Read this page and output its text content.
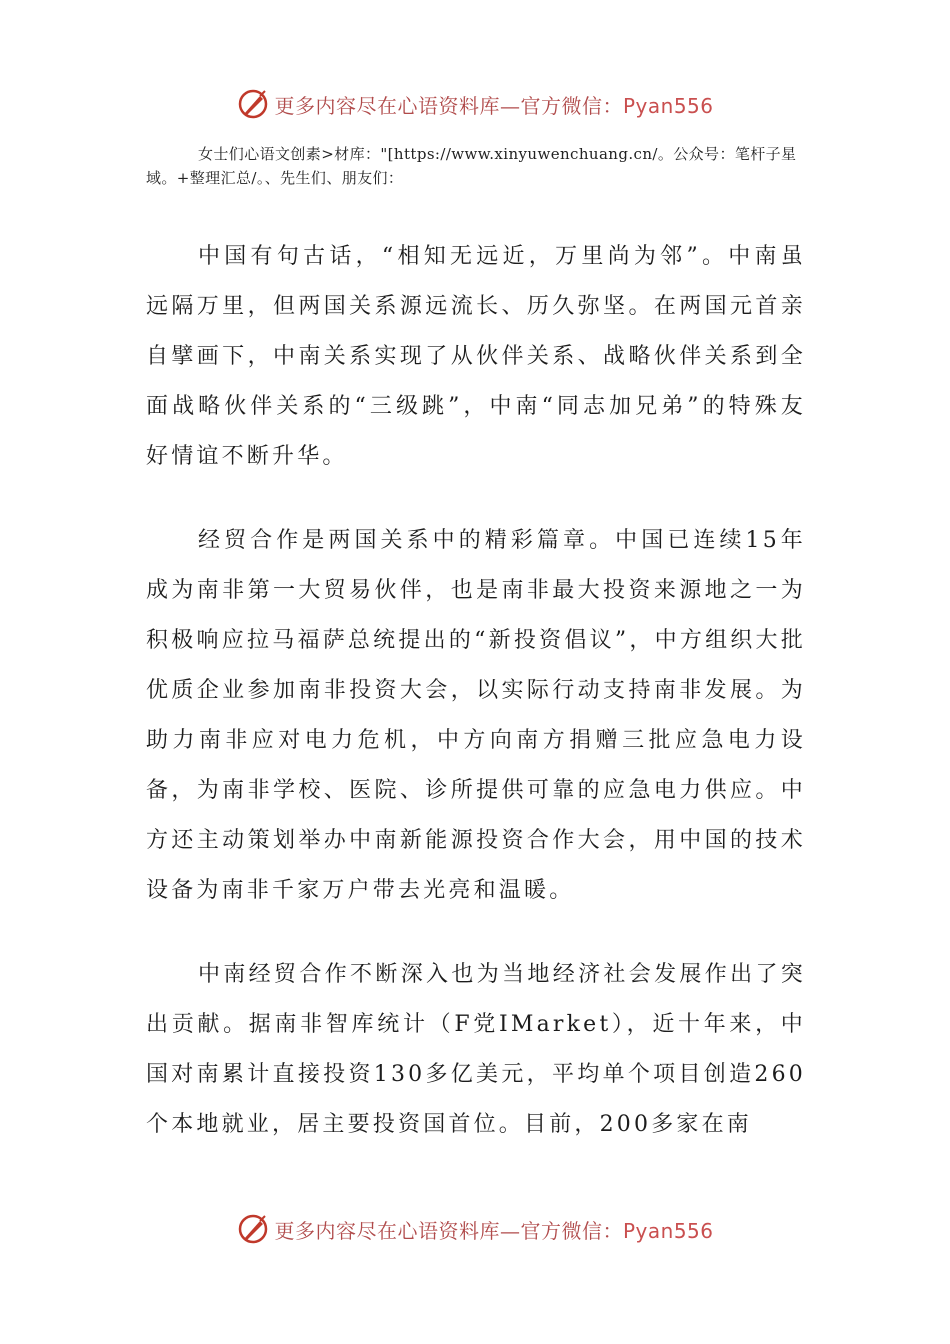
更多内容尽在心语资料库—官方微信：Pyan556

女士们心语文创素>材库："[https://www.xinyuwenchuang.cn/。公众号：笔杆子星域。+整理汇总/。、先生们、朋友们：

中国有句古话，“相知无远近，万里尚为邻”。中南虽远隔万里，但两国关系源远流长、历久弥坚。在两国元首亲自擘画下，中南关系实现了从伙伴关系、战略伙伴关系到全面战略伙伴关系的“三级跳”，中南“同志加兄弟”的特殊友好情谊不断升华。

经贸合作是两国关系中的精彩篇章。中国已连续15年成为南非第一大贸易伙伴，也是南非最大投资来源地之一为积极响应拉马福萨总统提出的“新投资倡议”，中方组织大批优质企业参加南非投资大会，以实际行动支持南非发展。为助力南非应对电力危机，中方向南方捐赠三批应急电力设备，为南非学校、医院、诊所提供可靠的应急电力供应。中方还主动策划举办中南新能源投资合作大会，用中国的技术设备为南非千家万户带去光亮和温暖。

中南经贸合作不断深入也为当地经济社会发展作出了突出贡献。据南非智库统计（F党IMarket），近十年来，中国对南累计直接投资130多亿美元，平均单个项目创造260个本地就业，居主要投资国首位。目前，200多家在南

更多内容尽在心语资料库—官方微信：Pyan556
